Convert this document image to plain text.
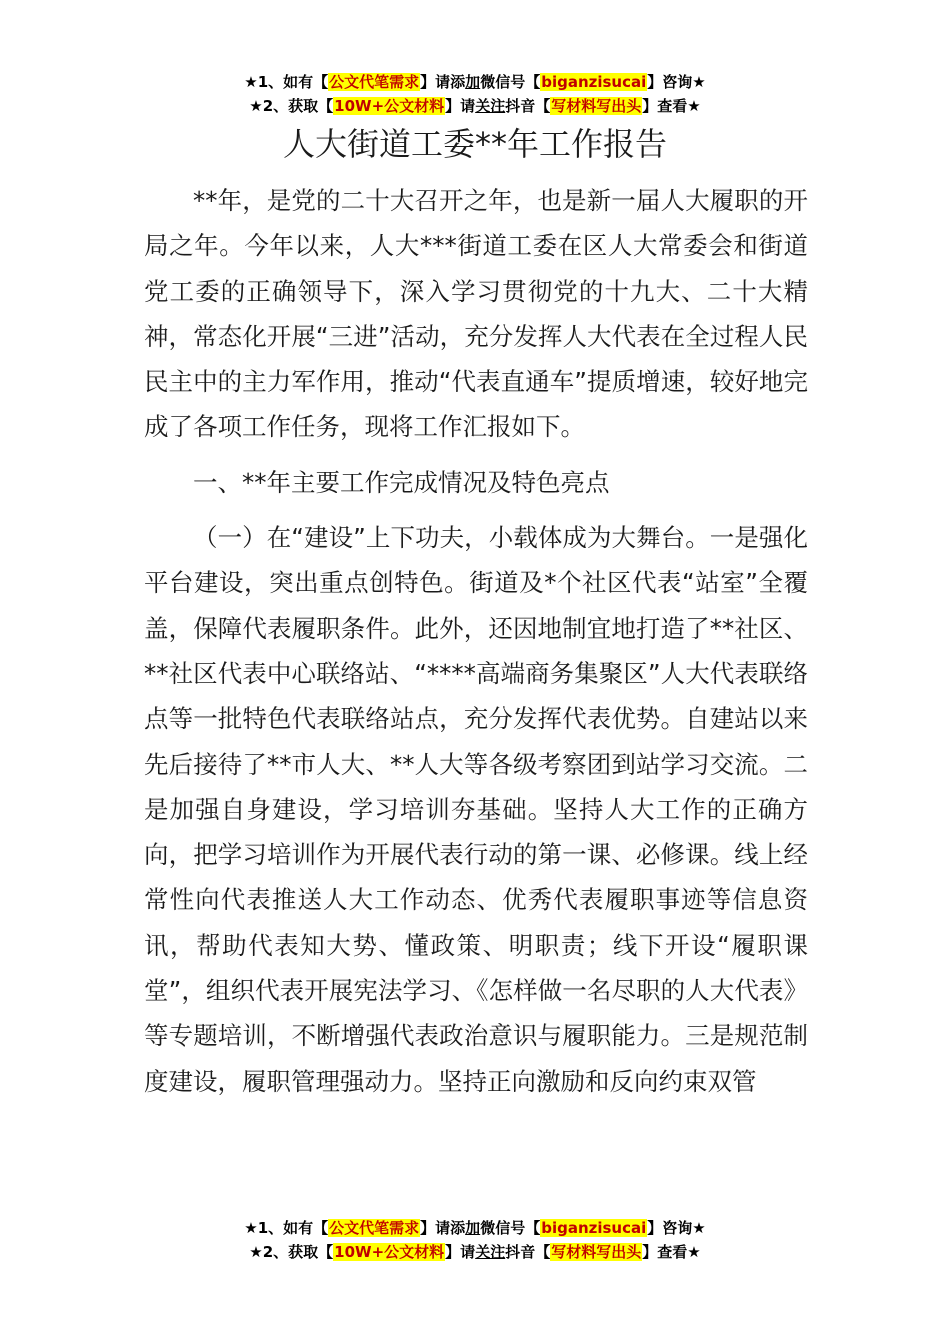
★1、如有【公文代笔需求】请添加微信号【biganzisucai】咨询★
★2、获取【10W+公文材料】请关注抖音【写材料写出头】查看★
人大街道工委**年工作报告

**年，是党的二十大召开之年，也是新一届人大履职的开局之年。今年以来，人大***街道工委在区人大常委会和街道党工委的正确领导下，深入学习贯彻党的十九大、二十大精神，常态化开展“三进”活动，充分发挥人大代表在全过程人民民主中的主力军作用，推动“代表直通车”提质增速，较好地完成了各项工作任务，现将工作汇报如下。

一、**年主要工作完成情况及特色亮点

（一）在“建设”上下功夫，小载体成为大舞台。一是强化平台建设，突出重点创特色。街道及*个社区代表“站室”全覆盖，保障代表履职条件。此外，还因地制宜地打造了**社区、**社区代表中心联络站、“****高端商务集聚区”人大代表联络点等一批特色代表联络站点，充分发挥代表优势。自建站以来先后接待了**市人大、**人大等各级考察团到站学习交流。二是加强自身建设，学习培训夯基础。坚持人大工作的正确方向，把学习培训作为开展代表行动的第一课、必修课。线上经常性向代表推送人大工作动态、优秀代表履职事迹等信息资讯，帮助代表知大势、懂政策、明职责；线下开设“履职课堂”，组织代表开展宪法学习、《怎样做一名尽职的人大代表》等专题培训，不断增强代表政治意识与履职能力。三是规范制度建设，履职管理强动力。坚持正向激励和反向约束双管

★1、如有【公文代笔需求】请添加微信号【biganzisucai】咨询★
★2、获取【10W+公文材料】请关注抖音【写材料写出头】查看★
